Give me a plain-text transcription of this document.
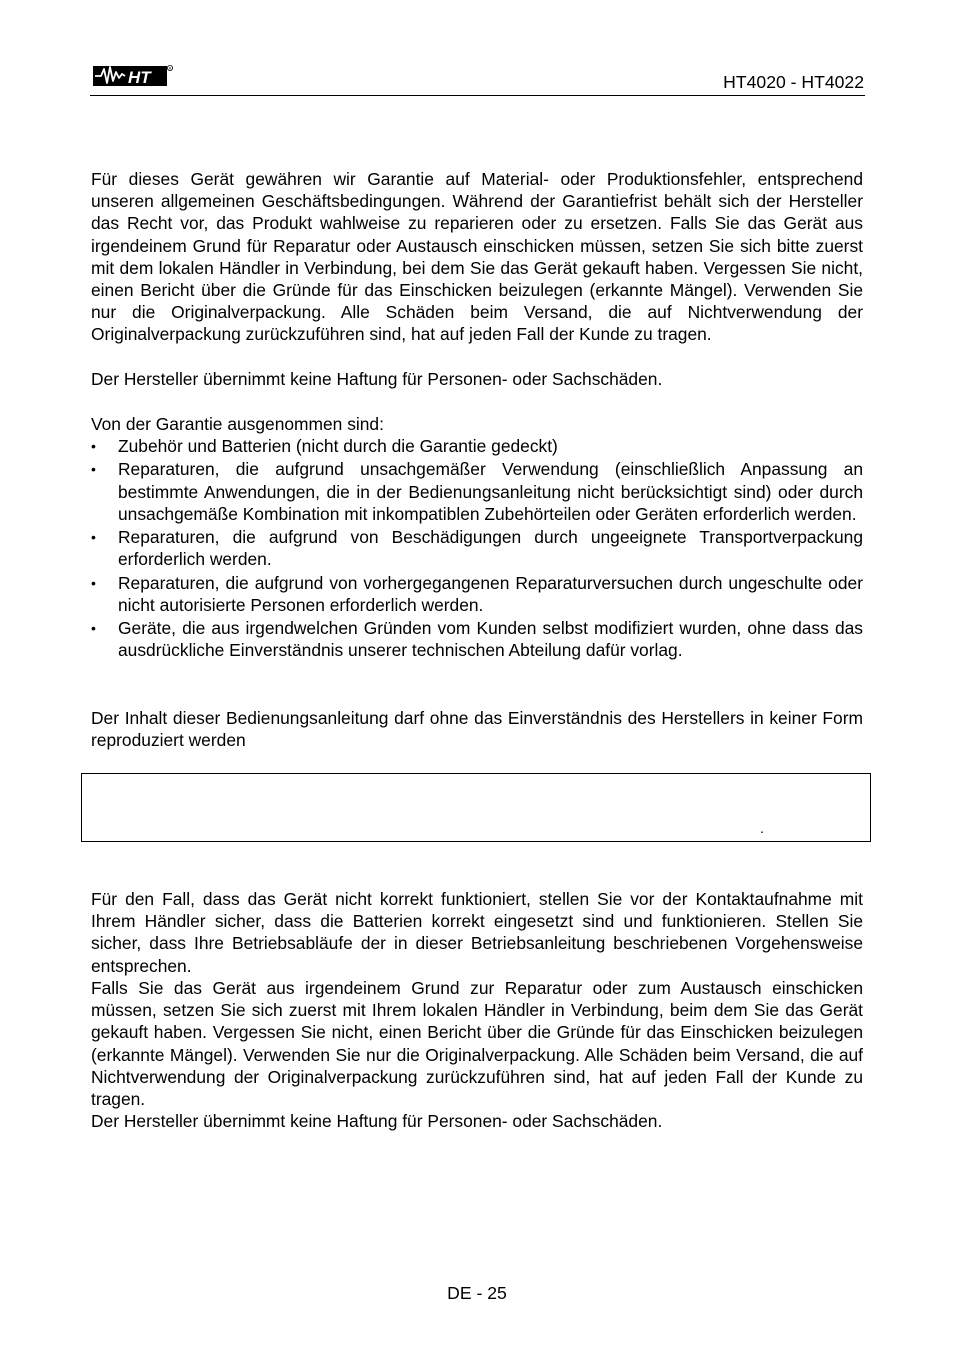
HT	R
HT4020 - HT4022

Für dieses Gerät gewähren wir Garantie auf Material- oder Produktionsfehler, entsprechend unseren allgemeinen Geschäftsbedingungen. Während der Garantiefrist behält sich der Hersteller das Recht vor, das Produkt wahlweise zu reparieren oder zu ersetzen. Falls Sie das Gerät aus irgendeinem Grund für Reparatur oder Austausch einschicken müssen, setzen Sie sich bitte zuerst mit dem lokalen Händler in Verbindung, bei dem Sie das Gerät gekauft haben. Vergessen Sie nicht, einen Bericht über die Gründe für das Einschicken beizulegen (erkannte Mängel). Verwenden Sie nur die Originalverpackung. Alle Schäden beim Versand, die auf Nichtverwendung der Originalverpackung zurückzuführen sind, hat auf jeden Fall der Kunde zu tragen.

Der Hersteller übernimmt keine Haftung für Personen- oder Sachschäden.

Von der Garantie ausgenommen sind:

•	Zubehör und Batterien (nicht durch die Garantie gedeckt)
•	Reparaturen, die aufgrund unsachgemäßer Verwendung (einschließlich Anpassung an bestimmte Anwendungen, die in der Bedienungsanleitung nicht berücksichtigt sind) oder durch unsachgemäße Kombination mit inkompatiblen Zubehörteilen oder Geräten erforderlich werden.
•	Reparaturen, die aufgrund von Beschädigungen durch ungeeignete Transportverpackung erforderlich werden.
•	Reparaturen, die aufgrund von vorhergegangenen Reparaturversuchen durch ungeschulte oder nicht autorisierte Personen erforderlich werden.
•	Geräte, die aus irgendwelchen Gründen vom Kunden selbst modifiziert wurden, ohne dass das ausdrückliche Einverständnis unserer technischen Abteilung dafür vorlag.

Der Inhalt dieser Bedienungsanleitung darf ohne das Einverständnis des Herstellers in keiner Form reproduziert werden

.

Für den Fall, dass das Gerät nicht korrekt funktioniert, stellen Sie vor der Kontaktaufnahme mit Ihrem Händler sicher, dass die Batterien korrekt eingesetzt sind und funktionieren. Stellen Sie sicher, dass Ihre Betriebsabläufe der in dieser Betriebsanleitung beschriebenen Vorgehensweise entsprechen.

Falls Sie das Gerät aus irgendeinem Grund zur Reparatur oder zum Austausch einschicken müssen, setzen Sie sich zuerst mit Ihrem lokalen Händler in Verbindung, beim dem Sie das Gerät gekauft haben. Vergessen Sie nicht, einen Bericht über die Gründe für das Einschicken beizulegen (erkannte Mängel). Verwenden Sie nur die Originalverpackung. Alle Schäden beim Versand, die auf Nichtverwendung der Originalverpackung zurückzuführen sind, hat auf jeden Fall der Kunde zu tragen.

Der Hersteller übernimmt keine Haftung für Personen- oder Sachschäden.

DE - 25
